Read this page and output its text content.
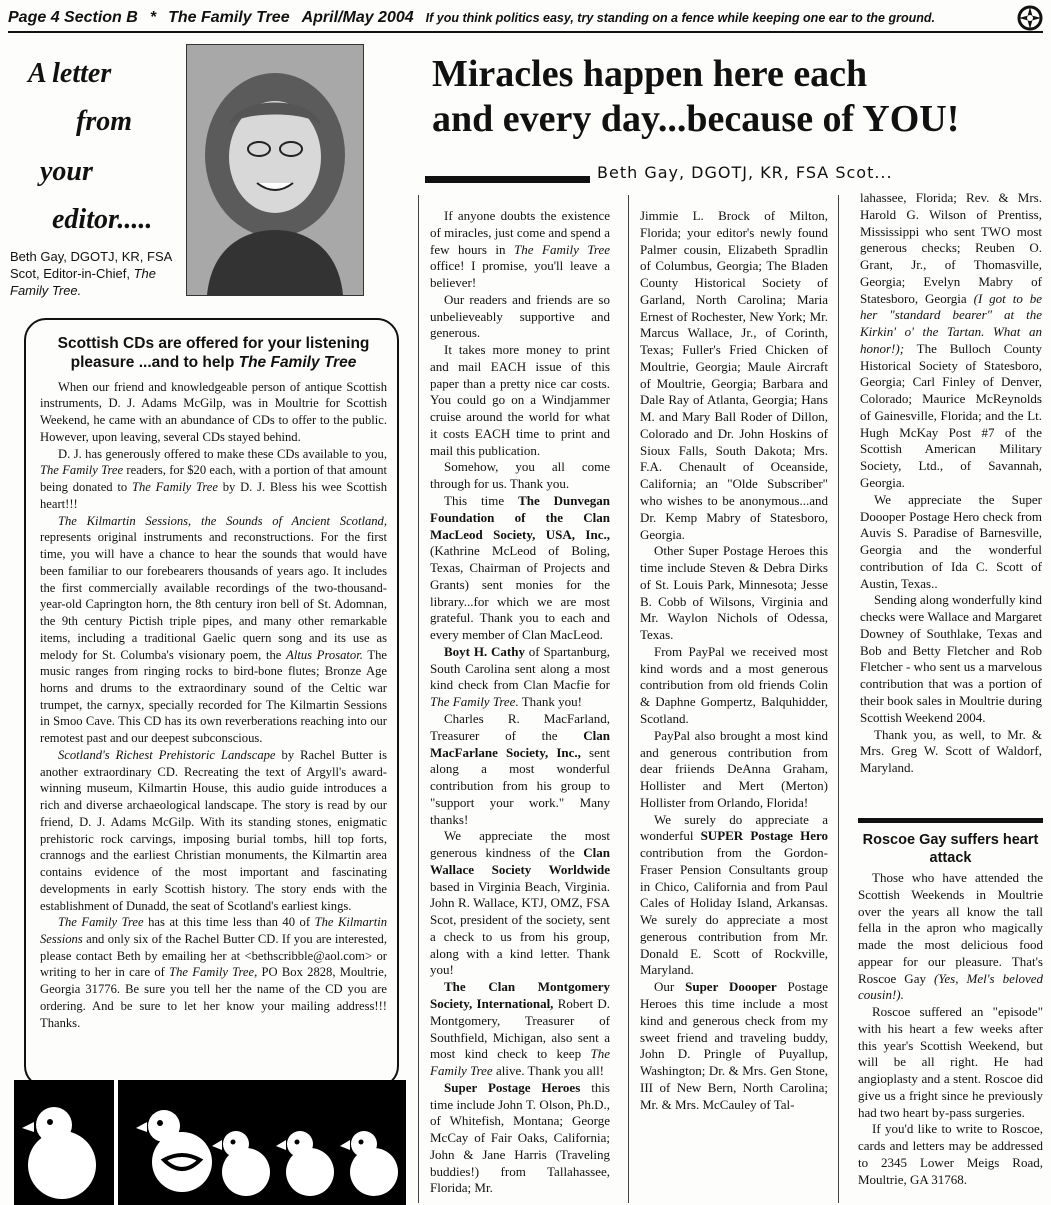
Page 4 Section B * The Family Tree April/May 2004 If you think politics easy, try standing on a fence while keeping one ear to the ground.
A letter
from
your
editor.....
Beth Gay, DGOTJ, KR, FSA Scot, Editor-in-Chief, The Family Tree.
Miracles happen here each
and every day...because of YOU!
Beth Gay, DGOTJ, KR, FSA Scot...
Scottish CDs are offered for your listening pleasure ...and to help The Family Tree

When our friend and knowledgeable person of antique Scottish instruments, D. J. Adams McGilp, was in Moultrie for Scottish Weekend, he came with an abundance of CDs to offer to the public. However, upon leaving, several CDs stayed behind.

D. J. has generously offered to make these CDs available to you, The Family Tree readers, for $20 each, with a portion of that amount being donated to The Family Tree by D. J. Bless his wee Scottish heart!!!

The Kilmartin Sessions, the Sounds of Ancient Scotland, represents original instruments and reconstructions. For the first time, you will have a chance to hear the sounds that would have been familiar to our forebearers thousands of years ago. It includes the first commercially available recordings of the two-thousand-year-old Caprington horn, the 8th century iron bell of St. Adomnan, the 9th century Pictish triple pipes, and many other remarkable items, including a traditional Gaelic quern song and its use as melody for St. Columba's visionary poem, the Altus Prosator. The music ranges from ringing rocks to bird-bone flutes; Bronze Age horns and drums to the extraordinary sound of the Celtic war trumpet, the carnyx, specially recorded for The Kilmartin Sessions in Smoo Cave. This CD has its own reverberations reaching into our remotest past and our deepest subconscious.

Scotland's Richest Prehistoric Landscape by Rachel Butter is another extraordinary CD. Recreating the text of Argyll's award-winning museum, Kilmartin House, this audio guide introduces a rich and diverse archaeological landscape. The story is read by our friend, D. J. Adams McGilp. With its standing stones, enigmatic prehistoric rock carvings, imposing burial tombs, hill top forts, crannogs and the earliest Christian monuments, the Kilmartin area contains evidence of the most important and fascinating developments in early Scottish history. The story ends with the establishment of Dunadd, the seat of Scotland's earliest kings.

The Family Tree has at this time less than 40 of The Kilmartin Sessions and only six of the Rachel Butter CD. If you are interested, please contact Beth by emailing her at <bethscribble@aol.com> or writing to her in care of The Family Tree, PO Box 2828, Moultrie, Georgia 31776. Be sure you tell her the name of the CD you are ordering. And be sure to let her know your mailing address!!! Thanks.

If anyone doubts the existence of miracles, just come and spend a few hours in The Family Tree office! I promise, you'll leave a believer!

Our readers and friends are so unbelieveably supportive and generous.

It takes more money to print and mail EACH issue of this paper than a pretty nice car costs. You could go on a Windjammer cruise around the world for what it costs EACH time to print and mail this publication.

Somehow, you all come through for us. Thank you.

This time The Dunvegan Foundation of the Clan MacLeod Society, USA, Inc., (Kathrine McLeod of Boling, Texas, Chairman of Projects and Grants) sent monies for the library...for which we are most grateful. Thank you to each and every member of Clan MacLeod.

Boyt H. Cathy of Spartanburg, South Carolina sent along a most kind check from Clan Macfie for The Family Tree. Thank you!

Charles R. MacFarland, Treasurer of the Clan MacFarlane Society, Inc., sent along a most wonderful contribution from his group to "support your work." Many thanks!

We appreciate the most generous kindness of the Clan Wallace Society Worldwide based in Virginia Beach, Virginia. John R. Wallace, KTJ, OMZ, FSA Scot, president of the society, sent a check to us from his group, along with a kind letter. Thank you!

The Clan Montgomery Society, International, Robert D. Montgomery, Treasurer of Southfield, Michigan, also sent a most kind check to keep The Family Tree alive. Thank you all!

Super Postage Heroes this time include John T. Olson, Ph.D., of Whitefish, Montana; George McCay of Fair Oaks, California; John & Jane Harris (Traveling buddies!) from Tallahassee, Florida; Mr.

Jimmie L. Brock of Milton, Florida; your editor's newly found Palmer cousin, Elizabeth Spradlin of Columbus, Georgia; The Bladen County Historical Society of Garland, North Carolina; Maria Ernest of Rochester, New York; Mr. Marcus Wallace, Jr., of Corinth, Texas; Fuller's Fried Chicken of Moultrie, Georgia; Maule Aircraft of Moultrie, Georgia; Barbara and Dale Ray of Atlanta, Georgia; Hans M. and Mary Ball Roder of Dillon, Colorado and Dr. John Hoskins of Sioux Falls, South Dakota; Mrs. F.A. Chenault of Oceanside, California; an "Olde Subscriber" who wishes to be anonymous...and Dr. Kemp Mabry of Statesboro, Georgia.

Other Super Postage Heroes this time include Steven & Debra Dirks of St. Louis Park, Minnesota; Jesse B. Cobb of Wilsons, Virginia and Mr. Waylon Nichols of Odessa, Texas.

From PayPal we received most kind words and a most generous contribution from old friends Colin & Daphne Gompertz, Balquhidder, Scotland.

PayPal also brought a most kind and generous contribution from dear friiends DeAnna Graham, Hollister and Mert (Merton) Hollister from Orlando, Florida!

We surely do appreciate a wonderful SUPER Postage Hero contribution from the Gordon-Fraser Pension Consultants group in Chico, California and from Paul Cales of Holiday Island, Arkansas. We surely do appreciate a most generous contribution from Mr. Donald E. Scott of Rockville, Maryland.

Our Super Doooper Postage Heroes this time include a most kind and generous check from my sweet friend and traveling buddy, John D. Pringle of Puyallup, Washington; Dr. & Mrs. Gen Stone, III of New Bern, North Carolina; Mr. & Mrs. McCauley of Tal-

lahassee, Florida; Rev. & Mrs. Harold G. Wilson of Prentiss, Mississippi who sent TWO most generous checks; Reuben O. Grant, Jr., of Thomasville, Georgia; Evelyn Mabry of Statesboro, Georgia (I got to be her "standard bearer" at the Kirkin' o' the Tartan. What an honor!); The Bulloch County Historical Society of Statesboro, Georgia; Carl Finley of Denver, Colorado; Maurice McReynolds of Gainesville, Florida; and the Lt. Hugh McKay Post #7 of the Scottish American Military Society, Ltd., of Savannah, Georgia.

We appreciate the Super Doooper Postage Hero check from Auvis S. Paradise of Barnesville, Georgia and the wonderful contribution of Ida C. Scott of Austin, Texas..

Sending along wonderfully kind checks were Wallace and Margaret Downey of Southlake, Texas and Bob and Betty Fletcher and Rob Fletcher - who sent us a marvelous contribution that was a portion of their book sales in Moultrie during Scottish Weekend 2004.

Thank you, as well, to Mr. & Mrs. Greg W. Scott of Waldorf, Maryland.

Roscoe Gay suffers heart attack

Those who have attended the Scottish Weekends in Moultrie over the years all know the tall fella in the apron who magically made the most delicious food appear for our pleasure. That's Roscoe Gay (Yes, Mel's beloved cousin!).

Roscoe suffered an "episode" with his heart a few weeks after this year's Scottish Weekend, but will be all right. He had angioplasty and a stent. Roscoe did give us a fright since he previously had two heart by-pass surgeries.

If you'd like to write to Roscoe, cards and letters may be addressed to 2345 Lower Meigs Road, Moultrie, GA 31768.
